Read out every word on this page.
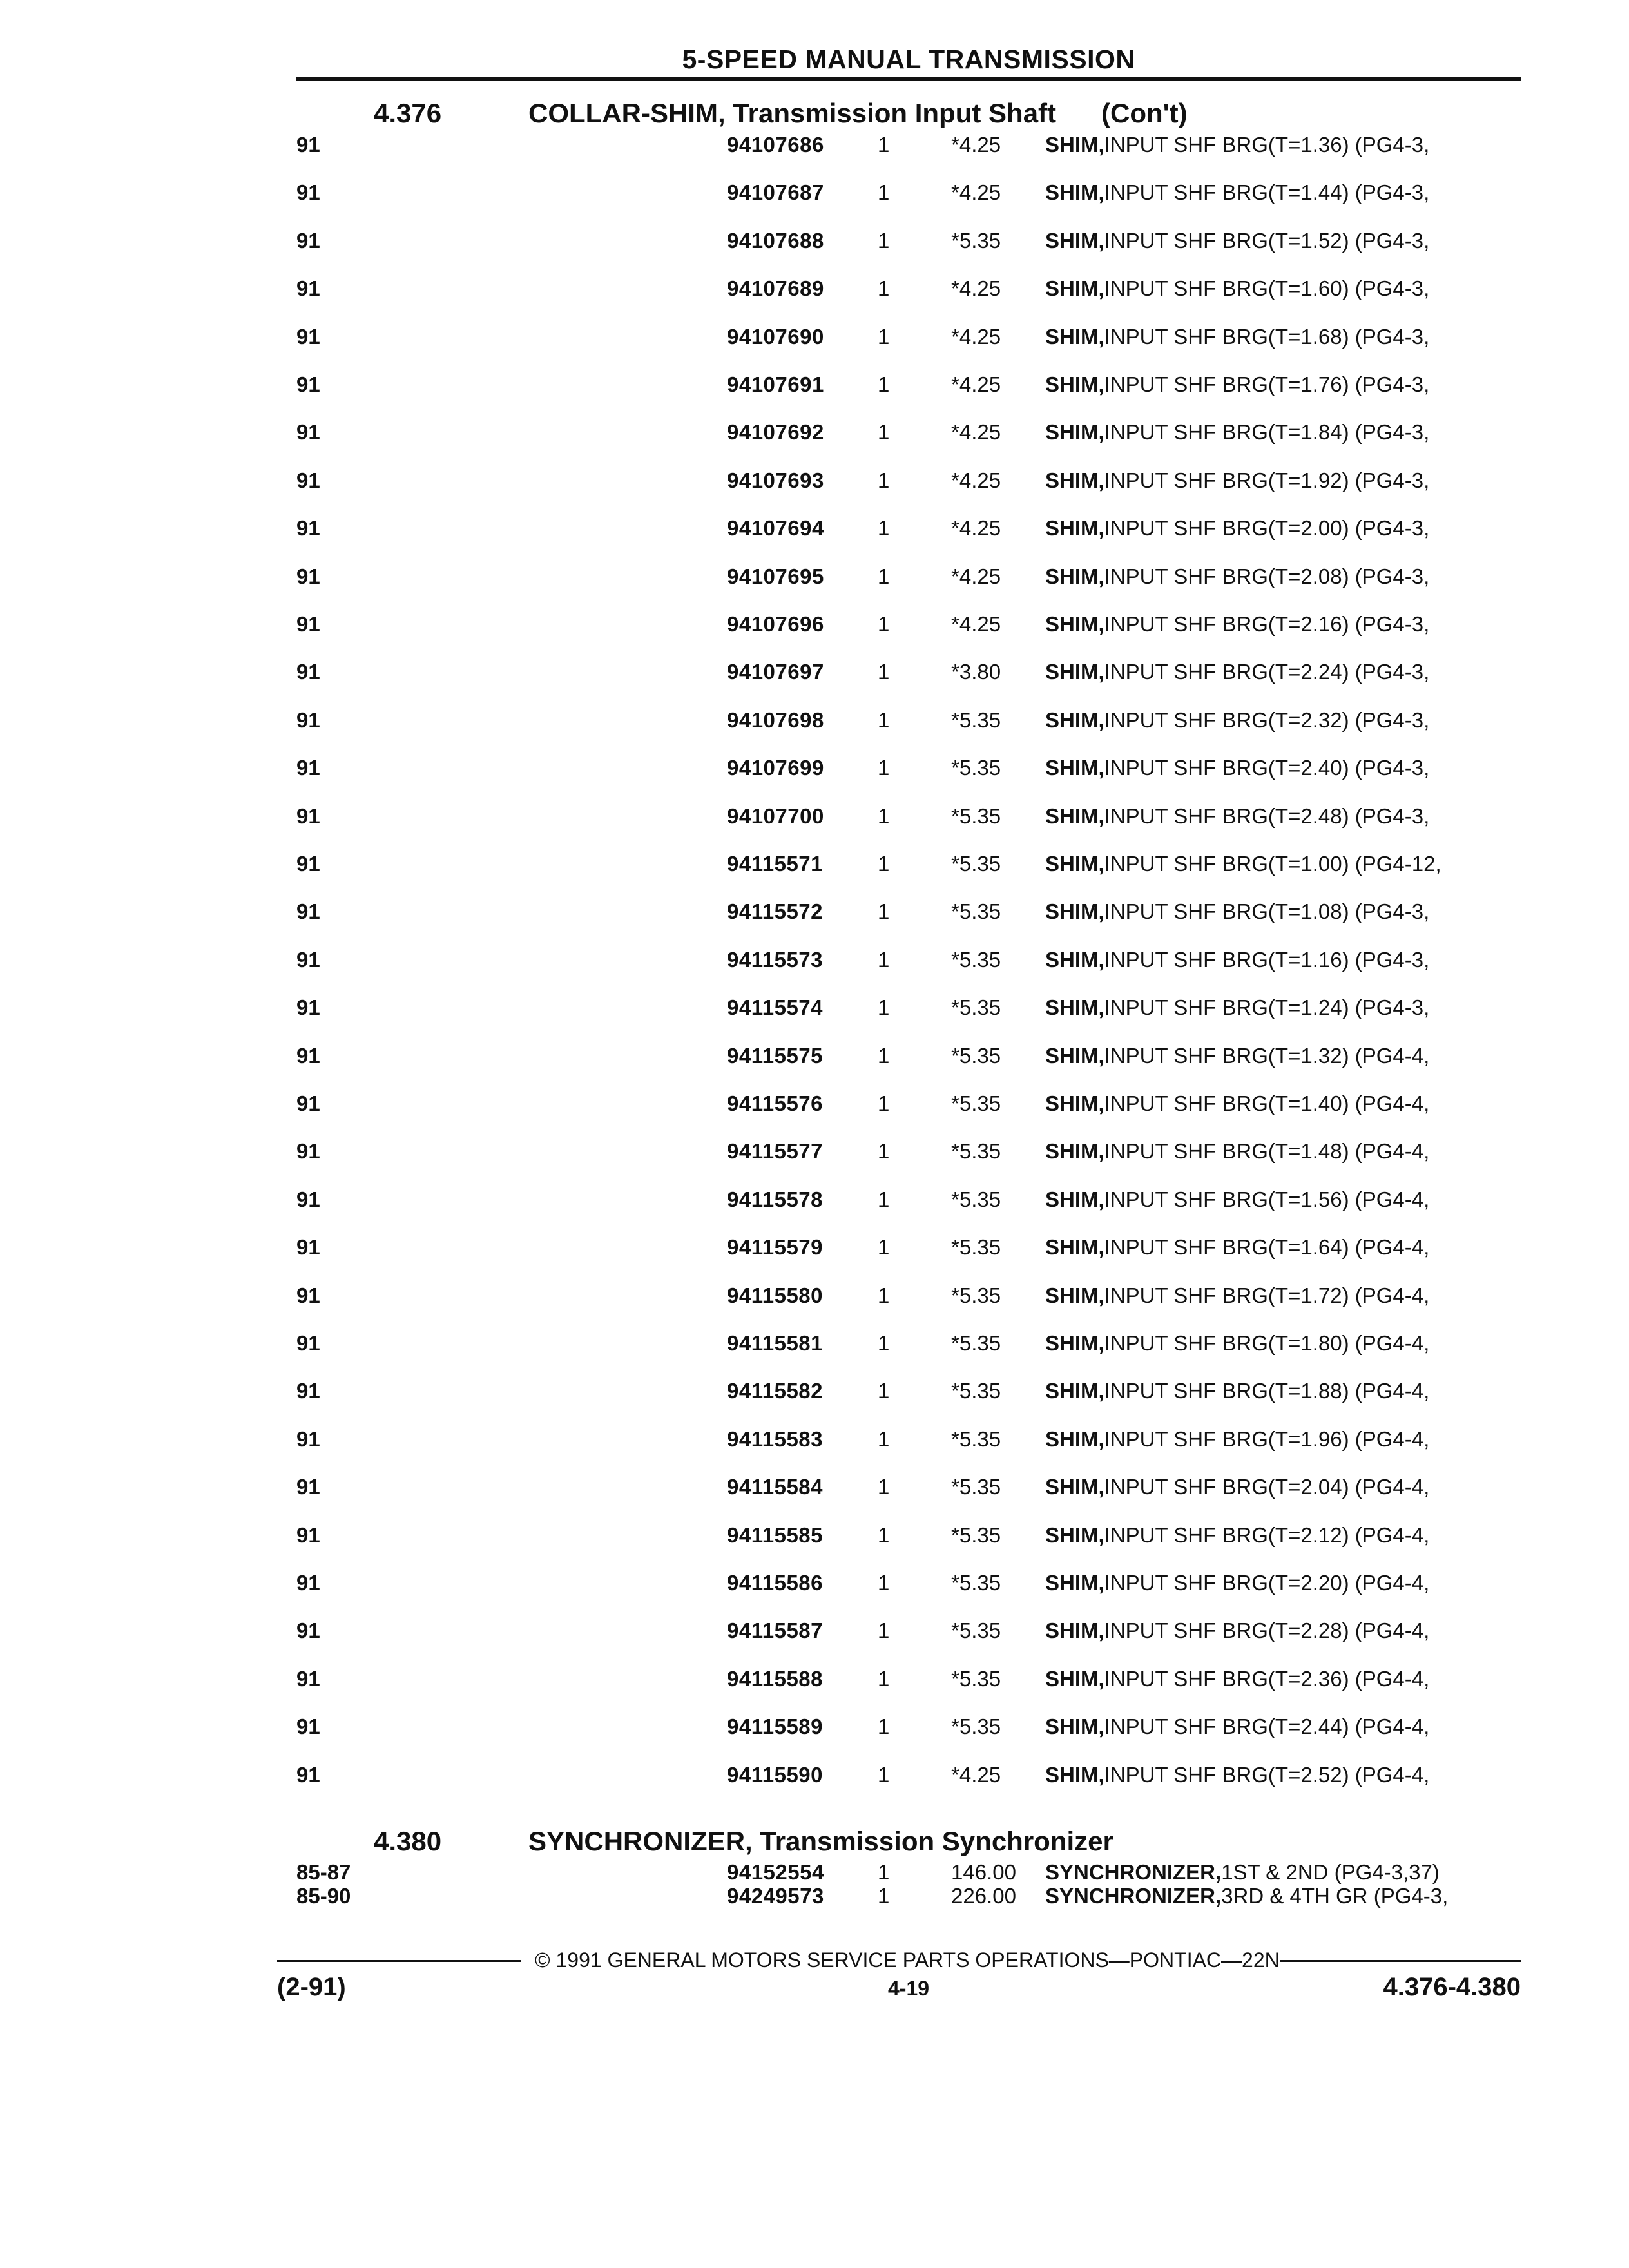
5-SPEED MANUAL TRANSMISSION
4.376	COLLAR-SHIM, Transmission Input Shaft (Con't)
91	94107686	1	*4.25 SHIM, INPUT SHF BRG(T=1.36) (PG4-3,
91	94107687	1	*4.25 SHIM, INPUT SHF BRG(T=1.44) (PG4-3,
91	94107688	1	*5.35 SHIM, INPUT SHF BRG(T=1.52) (PG4-3,
91	94107689	1	*4.25 SHIM, INPUT SHF BRG(T=1.60) (PG4-3,
91	94107690	1	*4.25 SHIM, INPUT SHF BRG(T=1.68) (PG4-3,
91	94107691	1	*4.25 SHIM, INPUT SHF BRG(T=1.76) (PG4-3,
91	94107692	1	*4.25 SHIM, INPUT SHF BRG(T=1.84) (PG4-3,
91	94107693	1	*4.25 SHIM, INPUT SHF BRG(T=1.92) (PG4-3,
91	94107694	1	*4.25 SHIM, INPUT SHF BRG(T=2.00) (PG4-3,
91	94107695	1	*4.25 SHIM, INPUT SHF BRG(T=2.08) (PG4-3,
91	94107696	1	*4.25 SHIM, INPUT SHF BRG(T=2.16) (PG4-3,
91	94107697	1	*3.80 SHIM, INPUT SHF BRG(T=2.24) (PG4-3,
91	94107698	1	*5.35 SHIM, INPUT SHF BRG(T=2.32) (PG4-3,
91	94107699	1	*5.35 SHIM, INPUT SHF BRG(T=2.40) (PG4-3,
91	94107700	1	*5.35 SHIM, INPUT SHF BRG(T=2.48) (PG4-3,
91	94115571	1	*5.35 SHIM, INPUT SHF BRG(T=1.00) (PG4-12,
91	94115572	1	*5.35 SHIM, INPUT SHF BRG(T=1.08) (PG4-3,
91	94115573	1	*5.35 SHIM, INPUT SHF BRG(T=1.16) (PG4-3,
91	94115574	1	*5.35 SHIM, INPUT SHF BRG(T=1.24) (PG4-3,
91	94115575	1	*5.35 SHIM, INPUT SHF BRG(T=1.32) (PG4-4,
91	94115576	1	*5.35 SHIM, INPUT SHF BRG(T=1.40) (PG4-4,
91	94115577	1	*5.35 SHIM, INPUT SHF BRG(T=1.48) (PG4-4,
91	94115578	1	*5.35 SHIM, INPUT SHF BRG(T=1.56) (PG4-4,
91	94115579	1	*5.35 SHIM, INPUT SHF BRG(T=1.64) (PG4-4,
91	94115580	1	*5.35 SHIM, INPUT SHF BRG(T=1.72) (PG4-4,
91	94115581	1	*5.35 SHIM, INPUT SHF BRG(T=1.80) (PG4-4,
91	94115582	1	*5.35 SHIM, INPUT SHF BRG(T=1.88) (PG4-4,
91	94115583	1	*5.35 SHIM, INPUT SHF BRG(T=1.96) (PG4-4,
91	94115584	1	*5.35 SHIM, INPUT SHF BRG(T=2.04) (PG4-4,
91	94115585	1	*5.35 SHIM, INPUT SHF BRG(T=2.12) (PG4-4,
91	94115586	1	*5.35 SHIM, INPUT SHF BRG(T=2.20) (PG4-4,
91	94115587	1	*5.35 SHIM, INPUT SHF BRG(T=2.28) (PG4-4,
91	94115588	1	*5.35 SHIM, INPUT SHF BRG(T=2.36) (PG4-4,
91	94115589	1	*5.35 SHIM, INPUT SHF BRG(T=2.44) (PG4-4,
91	94115590	1	*4.25 SHIM, INPUT SHF BRG(T=2.52) (PG4-4,
4.380	SYNCHRONIZER, Transmission Synchronizer
85-87	94152554	1	146.00 SYNCHRONIZER, 1ST & 2ND (PG4-3,37)
85-90	94249573	1	226.00 SYNCHRONIZER, 3RD & 4TH GR (PG4-3,
© 1991 GENERAL MOTORS SERVICE PARTS OPERATIONS—PONTIAC—22N
(2-91)	4-19	4.376-4.380
